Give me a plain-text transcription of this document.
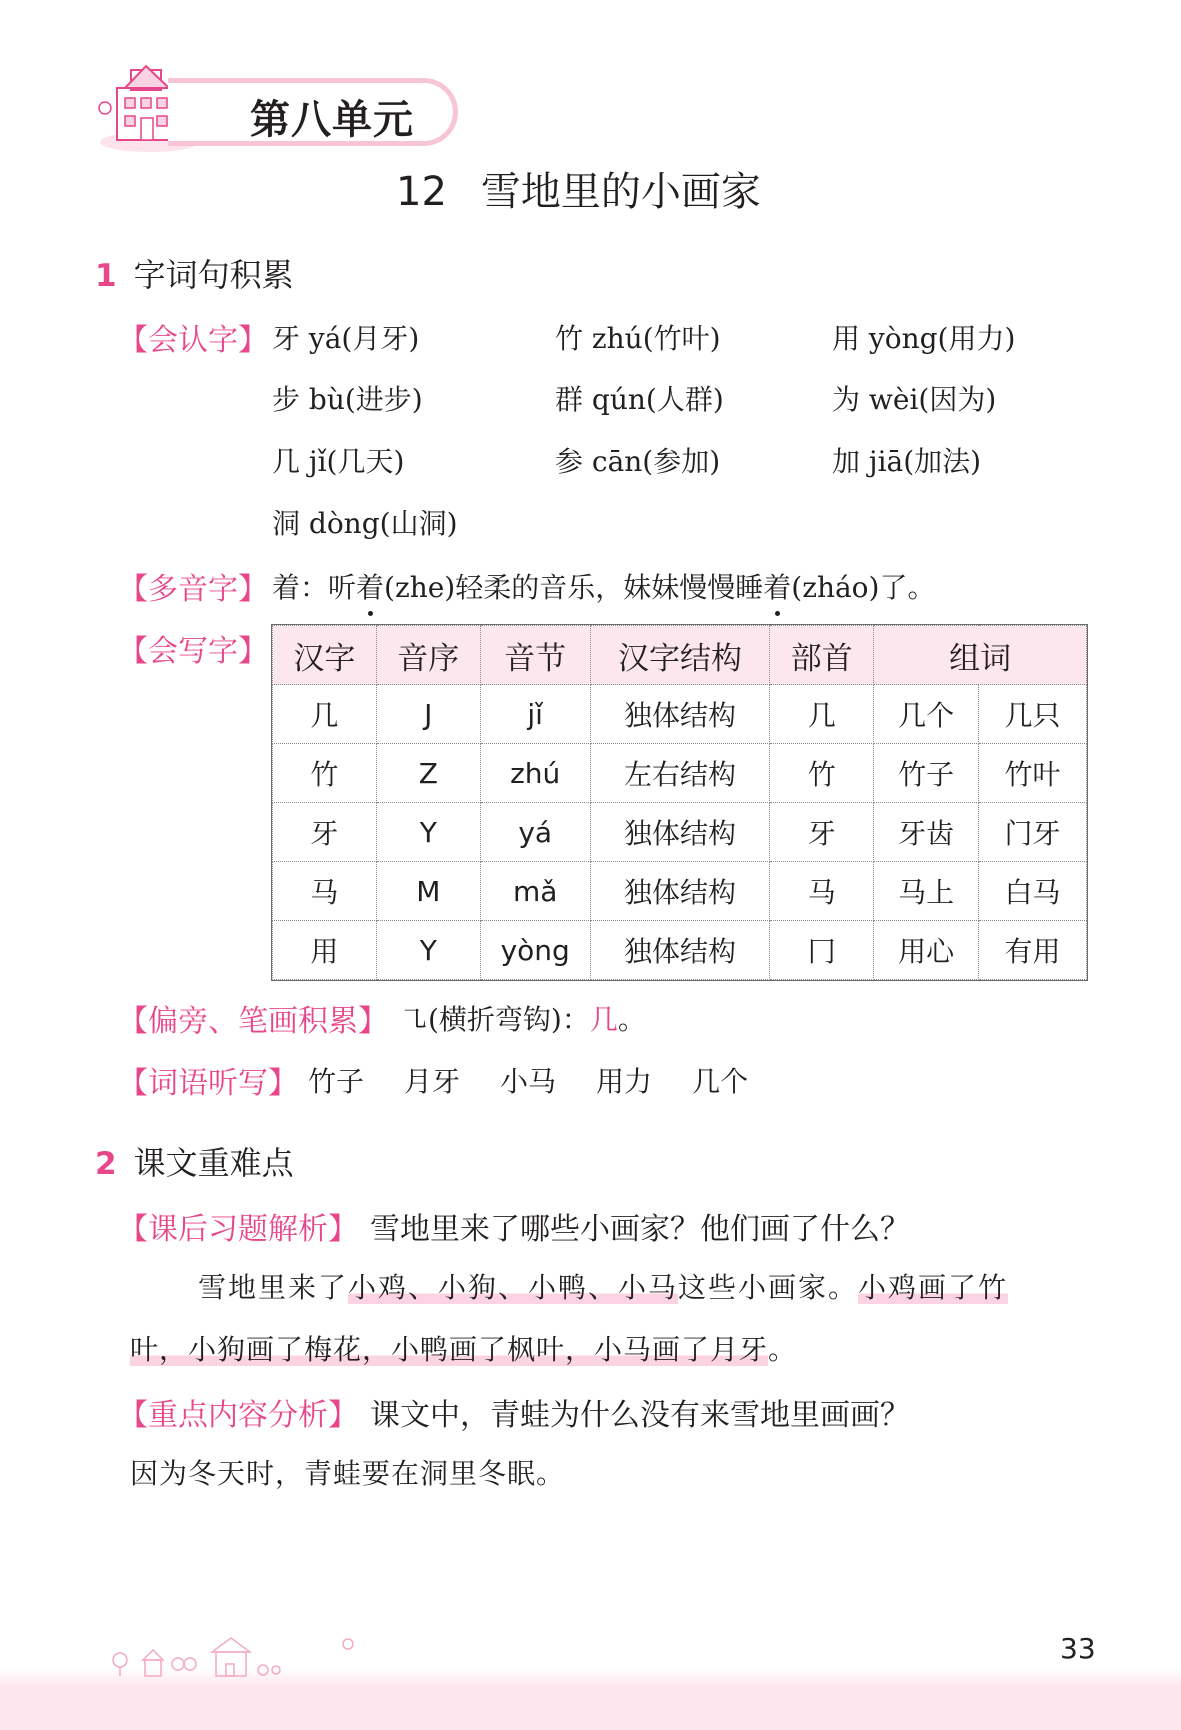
第八单元
12 雪地里的小画家
1 字词句积累
【会认字】 牙 yá(月牙)	竹 zhú(竹叶)	用 yòng(用力)
步 bù(进步)	群 qún(人群)	为 wèi(因为)
几 jǐ(几天)	参 cān(参加)	加 jiā(加法)
洞 dòng(山洞)
【多音字】 着：听着(zhe)轻柔的音乐，妹妹慢慢睡着(zháo)了。
【会写字】 汉字	音序	音节	汉字结构	部首	组词	
几	J	jǐ	独体结构	几	几个	几只
竹	Z	zhú	左右结构	竹	竹子	竹叶
牙	Y	yá	独体结构	牙	牙齿	门牙
马	M	mǎ	独体结构	马	马上	白马
用	Y	yòng	独体结构	冂	用心	有用
【偏旁、笔画积累】 ㇈(横折弯钩)：几。
【词语听写】 竹子 月牙 小马 用力 几个
2 课文重难点
【课后习题解析】 雪地里来了哪些小画家？他们画了什么？
雪地里来了小鸡、小狗、小鸭、小马这些小画家。小鸡画了竹
叶，小狗画了梅花，小鸭画了枫叶，小马画了月牙。
【重点内容分析】 课文中，青蛙为什么没有来雪地里画画？
因为冬天时，青蛙要在洞里冬眠。
33
